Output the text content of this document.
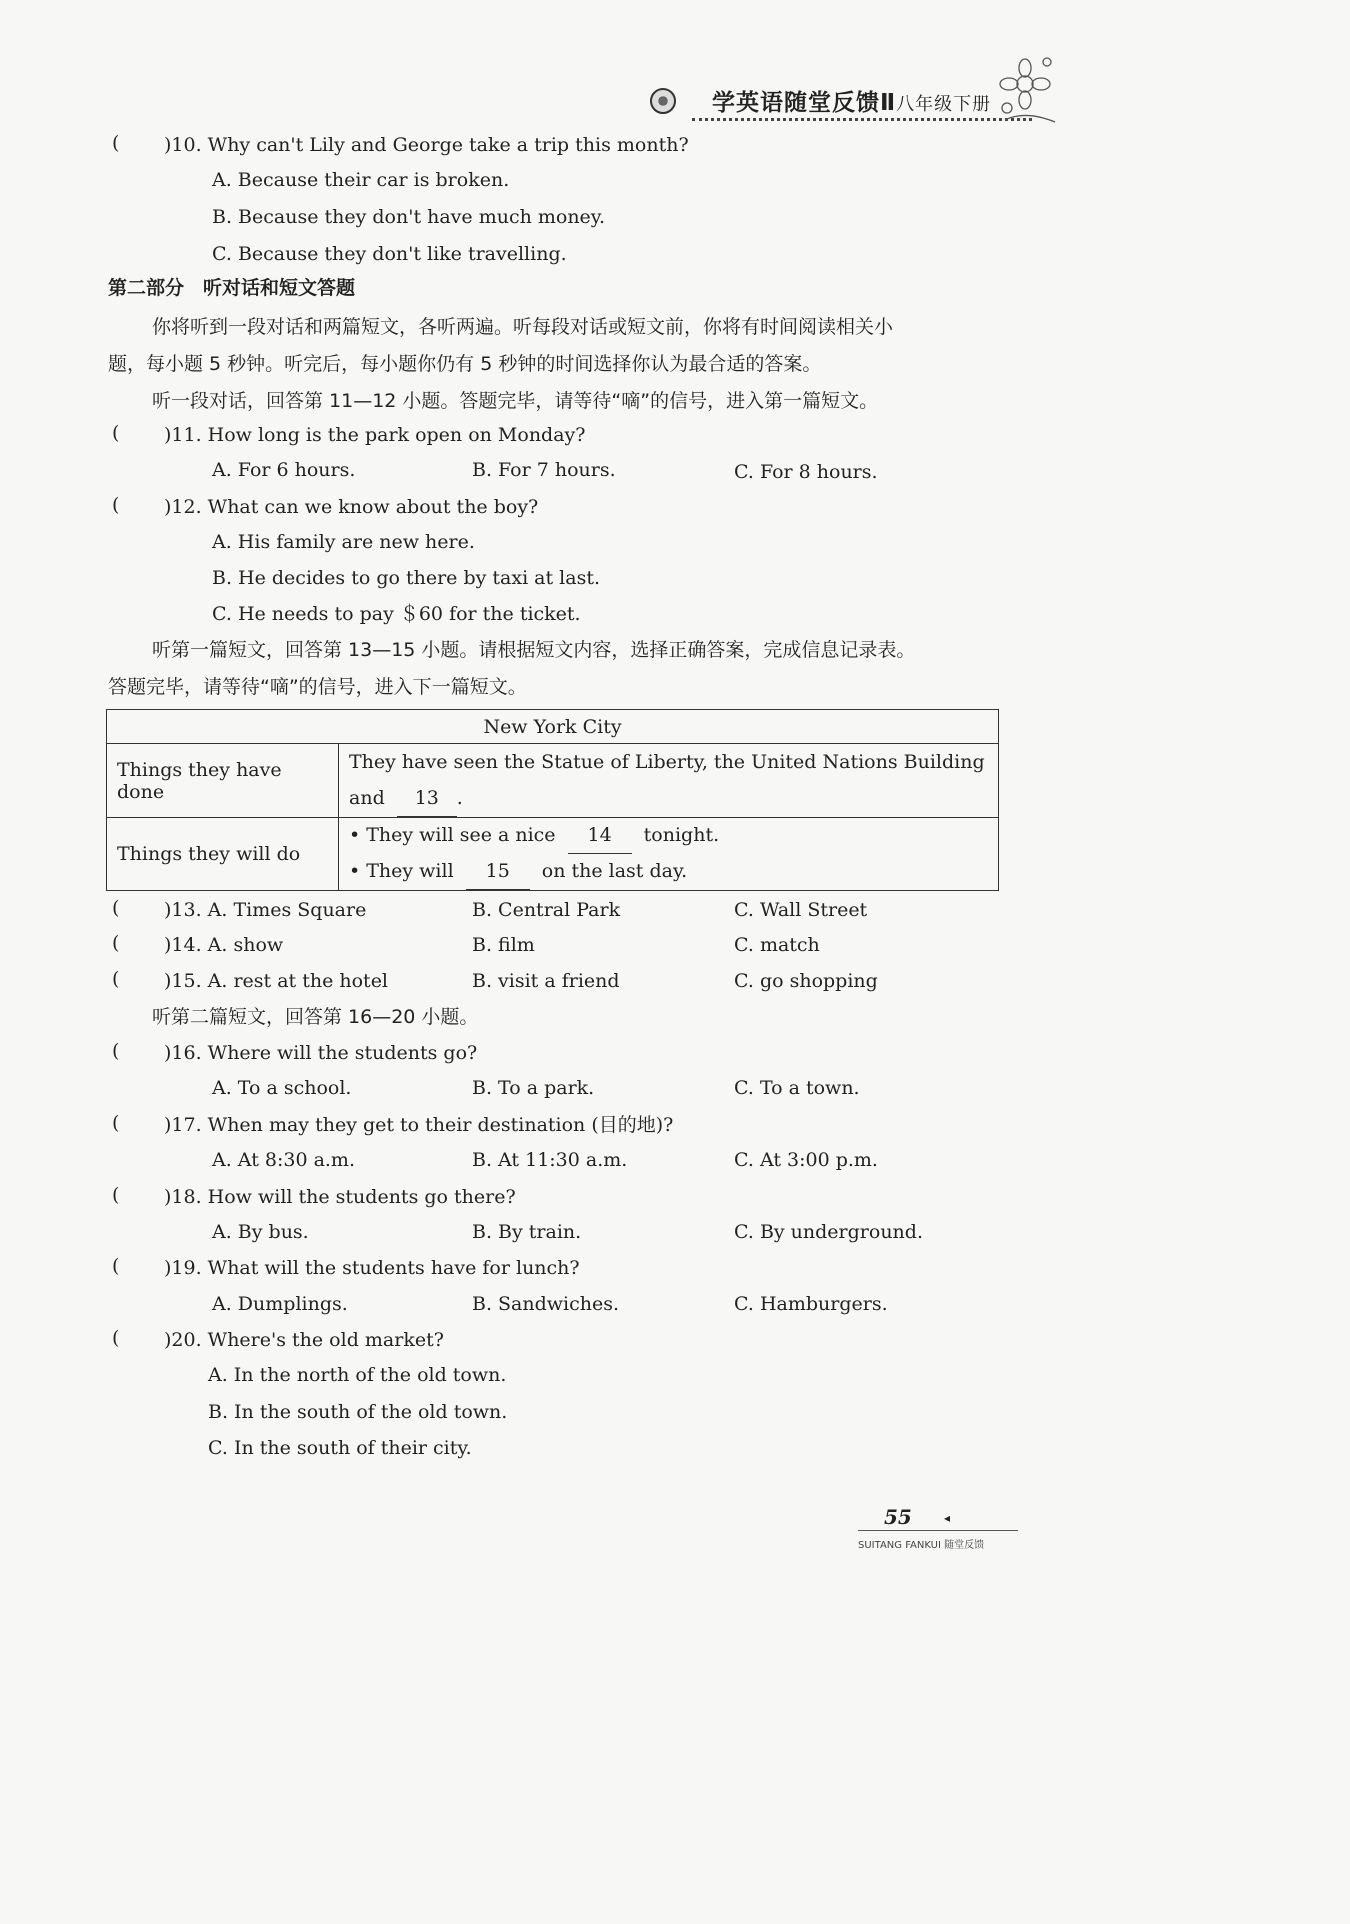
学英语随堂反馈Ⅱ八年级下册
( )10. Why can't Lily and George take a trip this month?
A. Because their car is broken.
B. Because they don't have much money.
C. Because they don't like travelling.
第二部分　听对话和短文答题
你将听到一段对话和两篇短文，各听两遍。听每段对话或短文前，你将有时间阅读相关小
题，每小题 5 秒钟。听完后，每小题你仍有 5 秒钟的时间选择你认为最合适的答案。
听一段对话，回答第 11—12 小题。答题完毕，请等待“嘀”的信号，进入第一篇短文。
( )11. How long is the park open on Monday?
A. For 6 hours.	B. For 7 hours.	C. For 8 hours.
( )12. What can we know about the boy?
A. His family are new here.
B. He decides to go there by taxi at last.
C. He needs to pay ＄60 for the ticket.
听第一篇短文，回答第 13—15 小题。请根据短文内容，选择正确答案，完成信息记录表。
答题完毕，请等待“嘀”的信号，进入下一篇短文。
New York City	
Things they have done	They have seen the Statue of Liberty, the United Nations Building
and 13 .
Things they will do	• They will see a nice 14 tonight.
• They will 15 on the last day.
( )13. A. Times Square	B. Central Park	C. Wall Street
( )14. A. show	B. film	C. match
( )15. A. rest at the hotel	B. visit a friend	C. go shopping
听第二篇短文，回答第 16—20 小题。
( )16. Where will the students go?
A. To a school.	B. To a park.	C. To a town.
( )17. When may they get to their destination (目的地)?
A. At 8:30 a.m.	B. At 11:30 a.m.	C. At 3:00 p.m.
( )18. How will the students go there?
A. By bus.	B. By train.	C. By underground.
( )19. What will the students have for lunch?
A. Dumplings.	B. Sandwiches.	C. Hamburgers.
( )20. Where's the old market?
A. In the north of the old town.
B. In the south of the old town.
C. In the south of their city.
55	◂
SUITANG FANKUI 随堂反馈
